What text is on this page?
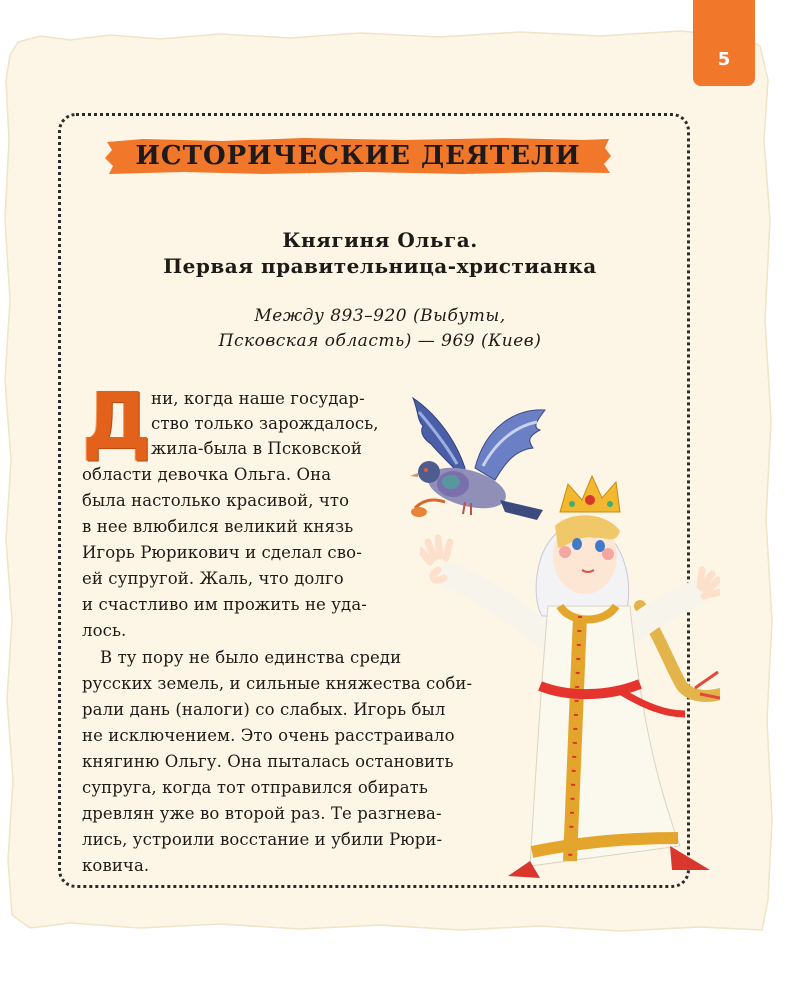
5
ИСТОРИЧЕСКИЕ ДЕЯТЕЛИ
Княгиня Ольга.
Первая правительница-христианка
Между 893–920 (Выбуты,
Псковская область) — 969 (Киев)
Д ни, когда наше государ-
ство только зарождалось,
жила-была в Псковской
области девочка Ольга. Она
была настолько красивой, что
в нее влюбился великий князь
Игорь Рюрикович и сделал сво-
ей супругой. Жаль, что долго
и счастливо им прожить не уда-
лось.
В ту пору не было единства среди
русских земель, и сильные княжества соби-
рали дань (налоги) со слабых. Игорь был
не исключением. Это очень расстраивало
княгиню Ольгу. Она пыталась остановить
супруга, когда тот отправился обирать
древлян уже во второй раз. Те разгнева-
лись, устроили восстание и убили Рюри-
ковича.
